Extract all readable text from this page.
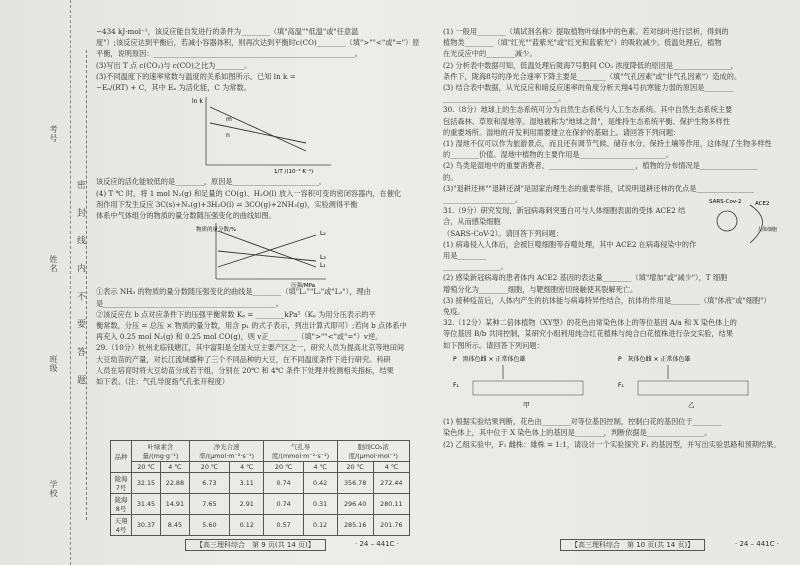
学校
班级
姓名
考号
密 封 线 内 不 要 答 题

−434 kJ·mol⁻¹，该反应能自发进行的条件为________（填"高温""低温"或"任意温

度"）;该反应达到平衡后，若减小容器体积，则再次达到平衡时c(CO)________（填">""<"或"="）原

平衡，说明原因：________________________________________________________。

(3)写出 T 点 c(CO₂)与 c(CO)之比为________。

(3)不同温度下的速率常数与温度的关系如图所示。已知 ln k =

−Eₐ/(RT) + C，其中 Eₐ 为活化能，C 为常数。

ln k
1/T /(10⁻³ K⁻¹)
m
n

该反应的活化能较低的是________，原因是________________________。

(4) T ℃ 时，将 1 mol N₂(g) 和足量的 CO(g)、H₂O(l) 放入一容积可变的密闭容器内，在催化

剂作用下发生反应 3C(s)+N₂(g)+3H₂O(l) ⇌ 3CO(g)+2NH₃(g)，实验测得平衡

体系中气体组分的物质的量分数随压强变化的曲线如图。

物质的量分数/%
压强/MPa
L₁
L₂
L₃

①表示 NH₃ 的物质的量分数随压强变化的曲线是________（填"L₁""L₂"或"L₃"），理由

是________________________________________________。

②该反应在 b 点对应条件下的压强平衡常数 Kₚ = ________kPa⁵（Kₚ 为用分压表示的平

衡常数，分压 = 总压 × 物质的量分数，用含 p₁ 的式子表示，列出计算式即可）;若向 b 点体系中

再充入 0.25 mol N₂(g) 和 0.25 mol CO(g)，则 v正________（填">""<"或"="）v逆。

29.（10分）杭州北临钱塘江，其中富阳是全国大豆主要产区之一，研究人员为提高北京等地田间

大豆幼苗的产量，对长江流域播种了三个不同品种的大豆，在不同温度条件下进行研究。科研

人员在培育时将大豆幼苗分成若干组，分别在 20℃ 和 4℃ 条件下处理并检测相关指标，结果

如下表。（注：气孔导度指气孔张开程度）

品种	叶绿素含量/(mg·g⁻¹)		净光合速率/(μmol·m⁻²·s⁻¹)		气孔导度/(mmol·m⁻²·s⁻¹)		胞间CO₂浓度/(μmol·mol⁻¹)	
	20 ℃	4 ℃	20 ℃	4 ℃	20 ℃	4 ℃	20 ℃	4 ℃
陇海7号	32.15	22.88	6.73	3.11	0.74	0.42	356.78	272.44
陇海8号	31.45	14.91	7.65	2.91	0.74	0.31	296.40	280.11
天翔4号	30.37	8.45	5.60	0.12	0.57	0.12	285.16	201.76

(1) 一般用________（填试剂名称）提取植物叶绿体中的色素。若对绿叶进行层析，得到的

植物类________（填"红光""蓝紫光"或"红光和蓝紫光"）的吸收减少。低温处理后，植物

在光反应中的________减少。

(2) 分析表中数据可知，低温处理后陇海7号胞间 CO₂ 浓度降低的原因是________________，

条件下，陇海8号的净光合速率下降主要是________（填"气孔因素"或"非气孔因素"）造成的。

(3) 结合表中数据，从光反应和暗反应速率的角度分析天翔4号抗寒能力弱的原因是________

________________________________。

30.（8分）地球上的生态系统可分为自然生态系统与人工生态系统。其中自然生态系统主要

包括森林、草原和湿地等。湿地被称为"地球之肾"，是维持生态系统平衡、保护生物多样性

的重要场所。湿地的开发利用需要建立在保护的基础上。请回答下列问题：

(1) 湿地不仅可以作为旅游景点，而且还有调节气候、储存水分、保持土壤等作用，这体现了生物多样性

的________价值。湿地中植物的主要作用是________________________。

(2) 鸟类是湿地中的重要消费者，________________________，植物的分布情况是________________

的。

(3)"退耕还林""退耕还湖"是国家治理生态的重要举措，试说明退耕还林的优点是________________

____________________。

31.（9分）研究发现，新冠病毒刺突蛋白可与人体细胞表面的受体 ACE2 结合，从而感染细胞

（SARS-CoV-2）。请回答下列问题：

(1) 病毒侵入人体后，会被巨噬细胞等吞噬处理，其中 ACE2 在病毒侵染中的作用是________

SARS-Cov-2 ACE2
人体细胞

________________。

(2) 感染新冠病毒的患者体内 ACE2 基因的表达量________（填"增加"或"减少"），T 细胞

增殖分化为________细胞，与靶细胞密切接触使其裂解死亡。

(3) 接种疫苗后，人体内产生的抗体能与病毒特异性结合，抗体的作用是________（填"体液"或"细胞"）

免疫。

32.（12分）某种二倍体植物（XY型）的花色由常染色体上的等位基因 A/a 和 X 染色体上的

等位基因 B/b 共同控制，某研究小组利用纯合红花植株与纯合白花植株进行杂交实验，结果

如下图所示。请回答下列问题：

P　黑体色雌 × 正常体色雄	P　灰体色雌 × 正常体色雄
F₁	F₁
甲	乙

(1) 根据实验结果判断，花色由________对等位基因控制，控制白花的基因位于________

染色体上，其中位于 X 染色体上的基因是________，判断依据是________________。

(2) 乙组实验中，F₁ 雌株：雄株 = 1:1，请设计一个实验探究 F₁ 的基因型，并写出实验思路和预期结果。

【高三理科综合　第 9 页(共 14 页)】	· 24 – 441C ·	【高三理科综合　第 10 页(共 14 页)】	· 24 – 441C ·
